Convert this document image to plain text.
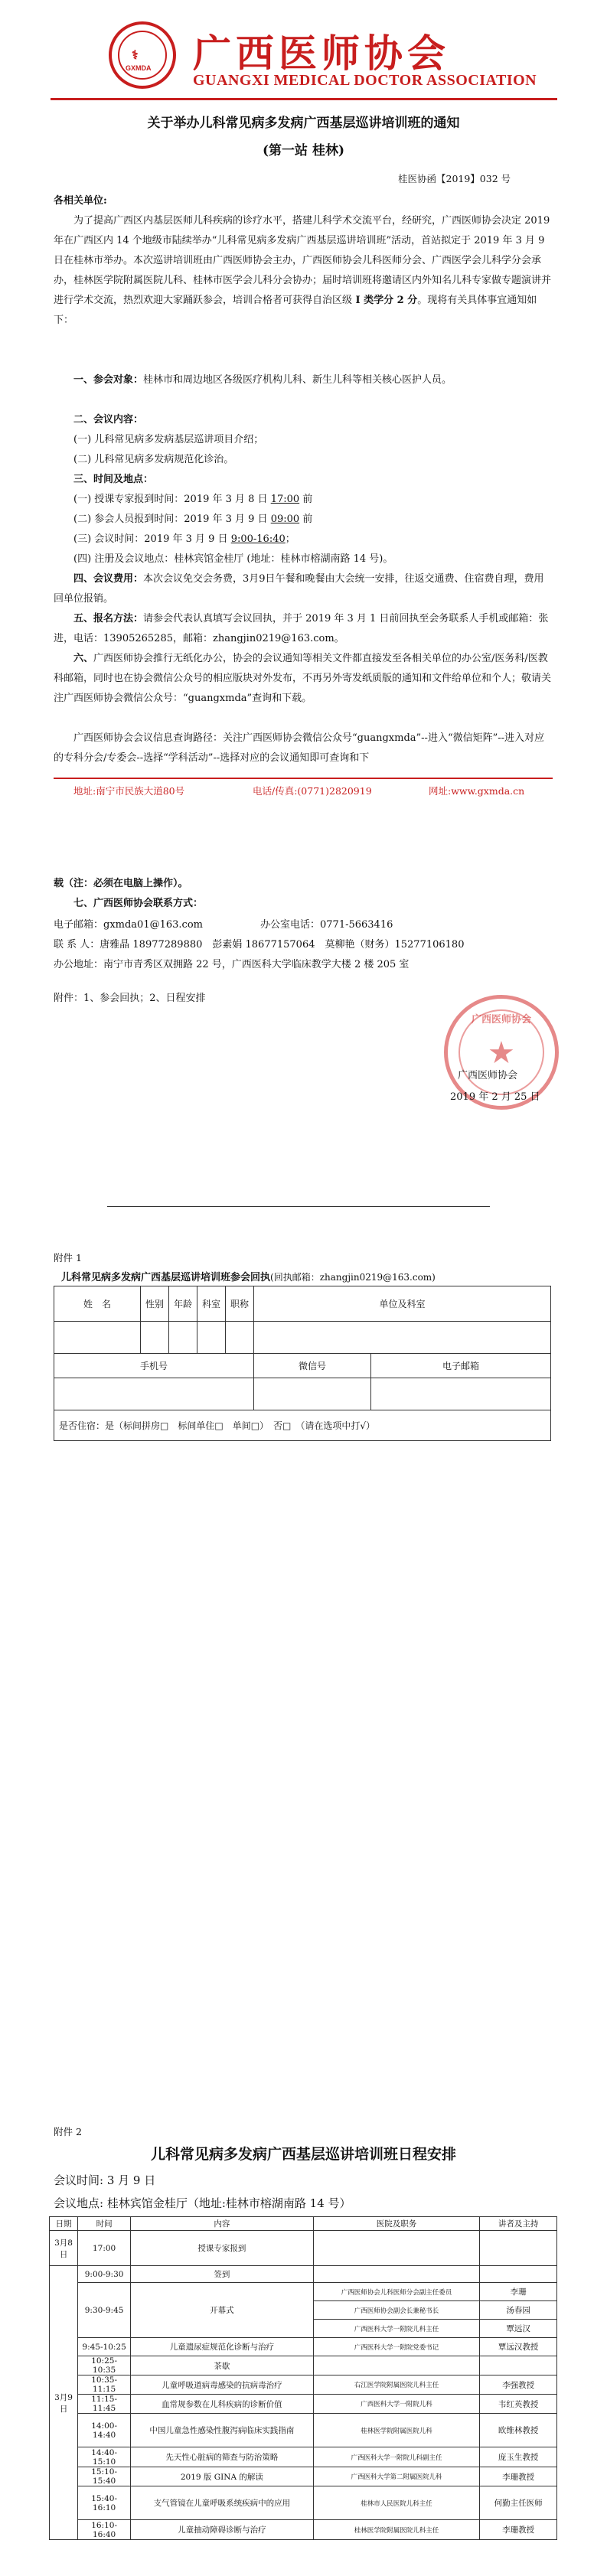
⚕
GXMDA 广西医师协会
GUANGXI MEDICAL DOCTOR ASSOCIATION
关于举办儿科常见病多发病广西基层巡讲培训班的通知
(第一站 桂林)
桂医协函【2019】032 号
各相关单位:
为了提高广西区内基层医师儿科疾病的诊疗水平，搭建儿科学术交流平台，经研究，广西医师协会决定 2019 年在广西区内 14 个地级市陆续举办“儿科常见病多发病广西基层巡讲培训班”活动，首站拟定于 2019 年 3 月 9 日在桂林市举办。本次巡讲培训班由广西医师协会主办，广西医师协会儿科医师分会、广西医学会儿科学分会承办，桂林医学院附属医院儿科、桂林市医学会儿科分会协办；届时培训班将邀请区内外知名儿科专家做专题演讲并进行学术交流，热烈欢迎大家踊跃参会，培训合格者可获得自治区级 I 类学分 2 分。现将有关具体事宜通知如下：
一、参会对象：桂林市和周边地区各级医疗机构儿科、新生儿科等相关核心医护人员。
二、会议内容：
(一) 儿科常见病多发病基层巡讲项目介绍；
(二) 儿科常见病多发病规范化诊治。
三、时间及地点：
(一) 授课专家报到时间：2019 年 3 月 8 日 17:00 前
(二) 参会人员报到时间：2019 年 3 月 9 日 09:00 前
(三) 会议时间：2019 年 3 月 9 日 9:00-16:40；
(四) 注册及会议地点：桂林宾馆金桂厅 (地址：桂林市榕湖南路 14 号)。
四、会议费用：本次会议免交会务费，3月9日午餐和晚餐由大会统一安排，往返交通费、住宿费自理，费用回单位报销。
五、报名方法：请参会代表认真填写会议回执，并于 2019 年 3 月 1 日前回执至会务联系人手机或邮箱：张进，电话：13905265285，邮箱：zhangjin0219@163.com。
六、广西医师协会推行无纸化办公，协会的会议通知等相关文件都直接发至各相关单位的办公室/医务科/医教科邮箱，同时也在协会微信公众号的相应版块对外发布，不再另外寄发纸质版的通知和文件给单位和个人；敬请关注广西医师协会微信公众号：“guangxmda”查询和下载。
广西医师协会会议信息查询路径：关注广西医师协会微信公众号“guangxmda”--进入“微信矩阵”--进入对应的专科分会/专委会--选择“学科活动”--选择对应的会议通知即可查询和下
地址:南宁市民族大道80号	电话/传真:(0771)2820919	网址:www.gxmda.cn
载（注：必须在电脑上操作）。
七、广西医师协会联系方式：
电子邮箱：gxmda01@163.com	办公室电话：0771-5663416
联 系 人：唐雅晶 18977289880　彭素娟 18677157064　莫柳艳（财务）15277106180
办公地址：南宁市青秀区双拥路 22 号，广西医科大学临床教学大楼 2 楼 205 室
附件：1、参会回执；2、日程安排
★
广西医师协会
广西医师协会
2019 年 2 月 25 日
附件 1
儿科常见病多发病广西基层巡讲培训班参会回执(回执邮箱：zhangjin0219@163.com)
姓　名	性别	年龄	科室	职称	单位及科室	

手机号					微信号	电子邮箱

是否住宿：是（标间拼房□　标间单住□　单间□）　 否□　（请在选项中打√）						
附件 2
儿科常见病多发病广西基层巡讲培训班日程安排
会议时间: 3 月 9 日
会议地点: 桂林宾馆金桂厅（地址:桂林市榕湖南路 14 号）
日期	时间	内容	医院及职务	讲者及主持
3月8日	17:00	授课专家报到		
3月9日	9:00-9:30	签到		
	9:30-9:45	开幕式	广西医师协会儿科医师分会副主任委员	李珊
			广西医师协会副会长兼秘书长	汤春园
			广西医科大学一附院儿科主任	覃远汉
	9:45-10:25	儿童遗尿症规范化诊断与治疗	广西医科大学一附院党委书记	覃远汉教授
	10:25-10:35	茶歇		
	10:35-11:15	儿童呼吸道病毒感染的抗病毒治疗	右江医学院附属医院儿科主任	李强教授
	11:15-11:45	血常规参数在儿科疾病的诊断价值	广西医科大学一附院儿科	韦红英教授
	14:00-14:40	中国儿童急性感染性腹泻病临床实践指南	桂林医学院附属医院儿科	欧维林教授
	14:40-15:10	先天性心脏病的筛查与防治策略	广西医科大学一附院儿科副主任	庞玉生教授
	15:10-15:40	2019 版 GINA 的解读	广西医科大学第二附属医院儿科	李珊教授
	15:40-16:10	支气管镜在儿童呼吸系统疾病中的应用	桂林市人民医院儿科主任	何勤主任医师
	16:10-16:40	儿童抽动障碍诊断与治疗	桂林医学院附属医院儿科主任	李珊教授
